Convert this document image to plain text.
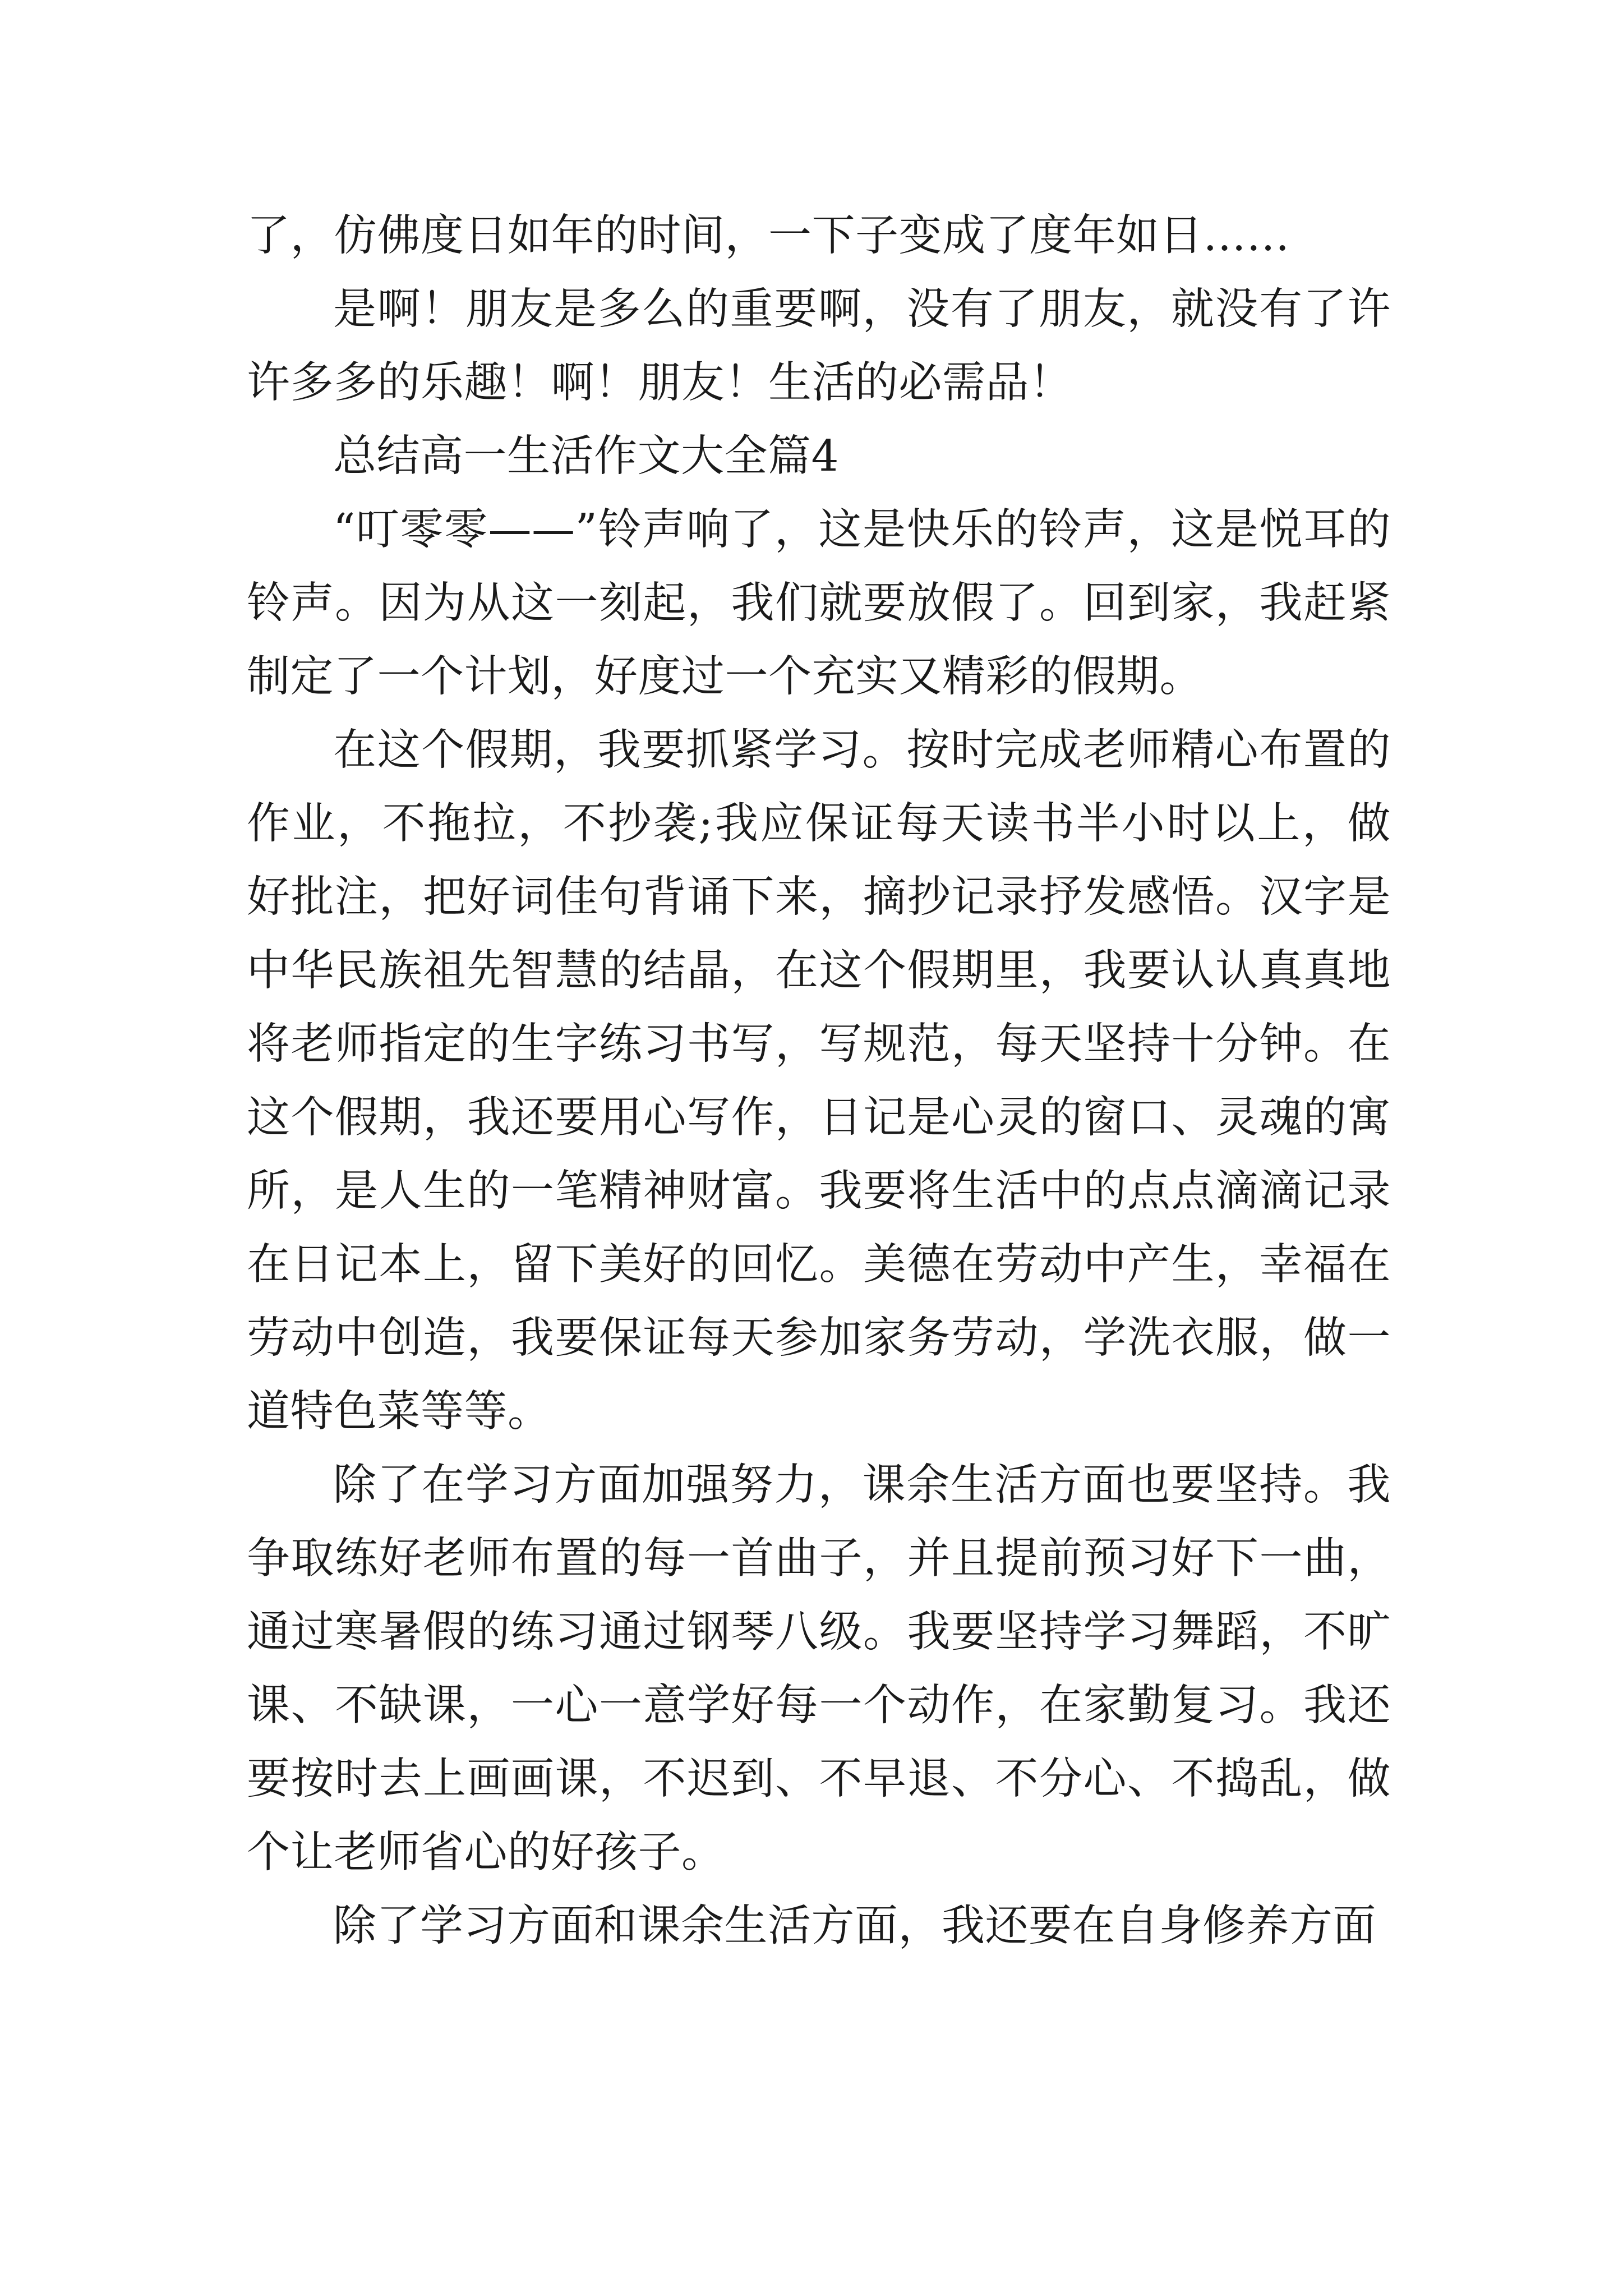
了，仿佛度日如年的时间，一下子变成了度年如日……

是啊！朋友是多么的重要啊，没有了朋友，就没有了许许多多的乐趣！啊！朋友！生活的必需品！

总结高一生活作文大全篇4

“叮零零——”铃声响了，这是快乐的铃声，这是悦耳的铃声。因为从这一刻起，我们就要放假了。回到家，我赶紧制定了一个计划，好度过一个充实又精彩的假期。

在这个假期，我要抓紧学习。按时完成老师精心布置的作业，不拖拉，不抄袭;我应保证每天读书半小时以上，做好批注，把好词佳句背诵下来，摘抄记录抒发感悟。汉字是中华民族祖先智慧的结晶，在这个假期里，我要认认真真地将老师指定的生字练习书写，写规范，每天坚持十分钟。在这个假期，我还要用心写作，日记是心灵的窗口、灵魂的寓所，是人生的一笔精神财富。我要将生活中的点点滴滴记录在日记本上，留下美好的回忆。美德在劳动中产生，幸福在劳动中创造，我要保证每天参加家务劳动，学洗衣服，做一道特色菜等等。

除了在学习方面加强努力，课余生活方面也要坚持。我争取练好老师布置的每一首曲子，并且提前预习好下一曲，通过寒暑假的练习通过钢琴八级。我要坚持学习舞蹈，不旷课、不缺课，一心一意学好每一个动作，在家勤复习。我还要按时去上画画课，不迟到、不早退、不分心、不捣乱，做个让老师省心的好孩子。

除了学习方面和课余生活方面，我还要在自身修养方面
